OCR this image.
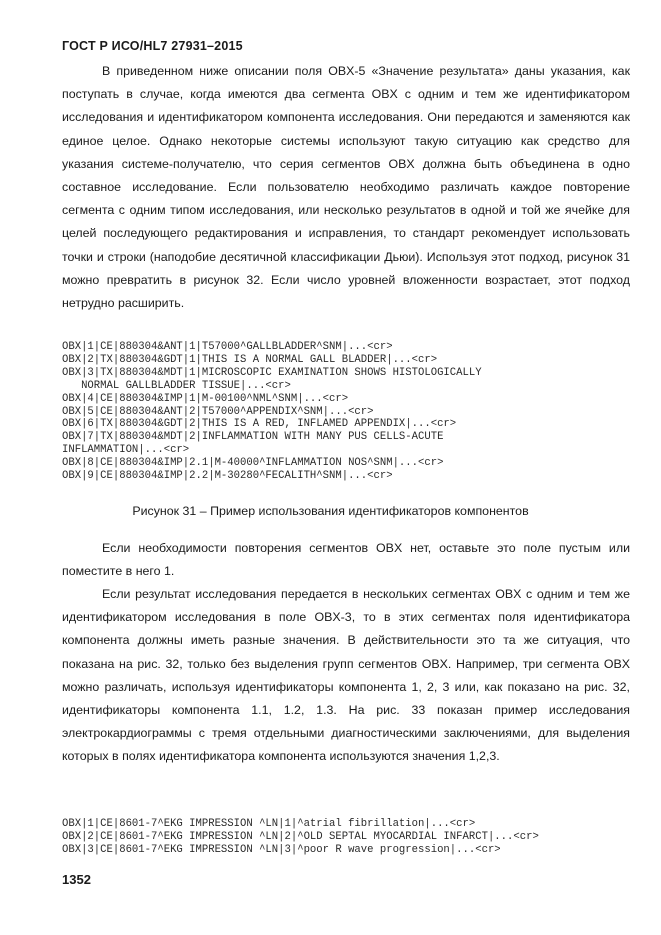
ГОСТ Р ИСО/HL7 27931–2015

В приведенном ниже описании поля OBX-5 «Значение результата» даны указания, как поступать в случае, когда имеются два сегмента OBX с одним и тем же идентификатором исследования и идентификатором компонента исследования. Они передаются и заменяются как единое целое. Однако некоторые системы используют такую ситуацию как средство для указания системе-получателю, что серия сегментов OBX должна быть объединена в одно составное исследование. Если пользователю необходимо различать каждое повторение сегмента с одним типом исследования, или несколько результатов в одной и той же ячейке для целей последующего редактирования и исправления, то стандарт рекомендует использовать точки и строки (наподобие десятичной классификации Дьюи). Используя этот подход, рисунок 31 можно превратить в рисунок 32. Если число уровней вложенности возрастает, этот подход нетрудно расширить.

OBX|1|CE|880304&ANT|1|T57000^GALLBLADDER^SNM|...<cr>
OBX|2|TX|880304&GDT|1|THIS IS A NORMAL GALL BLADDER|...<cr>
OBX|3|TX|880304&MDT|1|MICROSCOPIC EXAMINATION SHOWS HISTOLOGICALLY
NORMAL GALLBLADDER TISSUE|...<cr>
OBX|4|CE|880304&IMP|1|M-00100^NML^SNM|...<cr>
OBX|5|CE|880304&ANT|2|T57000^APPENDIX^SNM|...<cr>
OBX|6|TX|880304&GDT|2|THIS IS A RED, INFLAMED APPENDIX|...<cr>
OBX|7|TX|880304&MDT|2|INFLAMMATION WITH MANY PUS CELLS-ACUTE
INFLAMMATION|...<cr>
OBX|8|CE|880304&IMP|2.1|M-40000^INFLAMMATION NOS^SNM|...<cr>
OBX|9|CE|880304&IMP|2.2|M-30280^FECALITH^SNM|...<cr>
Рисунок 31 – Пример использования идентификаторов компонентов

Если необходимости повторения сегментов OBX нет, оставьте это поле пустым или поместите в него 1.

Если результат исследования передается в нескольких сегментах OBX с одним и тем же идентификатором исследования в поле OBX-3, то в этих сегментах поля идентификатора компонента должны иметь разные значения. В действительности это та же ситуация, что показана на рис. 32, только без выделения групп сегментов OBX. Например, три сегмента OBX можно различать, используя идентификаторы компонента 1, 2, 3 или, как показано на рис. 32, идентификаторы компонента 1.1, 1.2, 1.3. На рис. 33 показан пример исследования электрокардиограммы с тремя отдельными диагностическими заключениями, для выделения которых в полях идентификатора компонента используются значения 1,2,3.

OBX|1|CE|8601-7^EKG IMPRESSION ^LN|1|^atrial fibrillation|...<cr>
OBX|2|CE|8601-7^EKG IMPRESSION ^LN|2|^OLD SEPTAL MYOCARDIAL INFARCT|...<cr>
OBX|3|CE|8601-7^EKG IMPRESSION ^LN|3|^poor R wave progression|...<cr>
1352
